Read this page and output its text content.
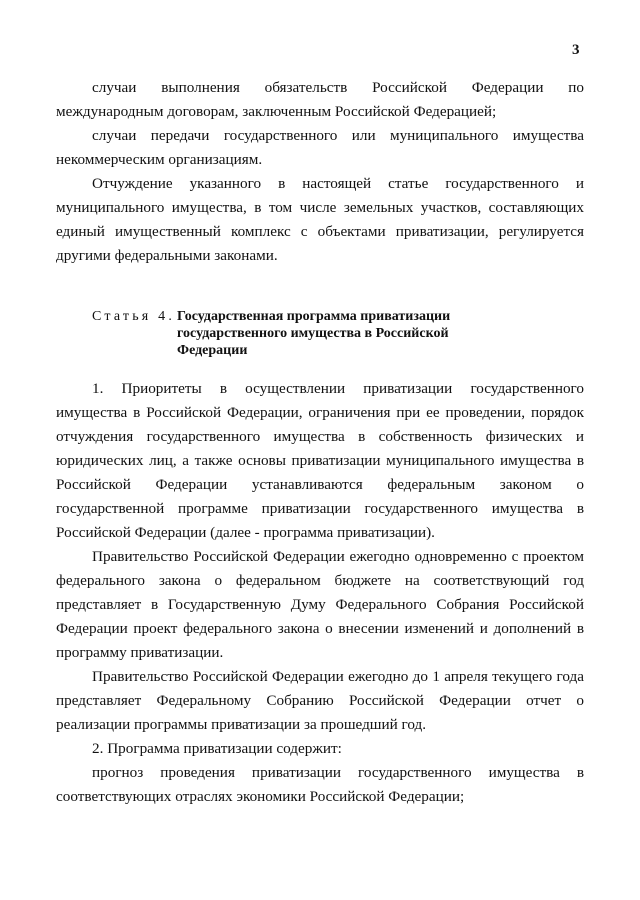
3

случаи выполнения обязательств Российской Федерации по международным договорам, заключенным Российской Федерацией;

случаи передачи государственного или муниципального имущества некоммерческим организациям.

Отчуждение указанного в настоящей статье государственного и муниципального имущества, в том числе земельных участков, составляющих единый имущественный комплекс с объектами приватизации, регулируется другими федеральными законами.

Статья 4. Государственная программа приватизации государственного имущества в Российской Федерации

1. Приоритеты в осуществлении приватизации государственного имущества в Российской Федерации, ограничения при ее проведении, порядок отчуждения государственного имущества в собственность физических и юридических лиц, а также основы приватизации муниципального имущества в Российской Федерации устанавливаются федеральным законом о государственной программе приватизации государственного имущества в Российской Федерации (далее - программа приватизации).

Правительство Российской Федерации ежегодно одновременно с проектом федерального закона о федеральном бюджете на соответствующий год представляет в Государственную Думу Федерального Собрания Российской Федерации проект федерального закона о внесении изменений и дополнений в программу приватизации.

Правительство Российской Федерации ежегодно до 1 апреля текущего года представляет Федеральному Собранию Российской Федерации отчет о реализации программы приватизации за прошедший год.

2. Программа приватизации содержит:

прогноз проведения приватизации государственного имущества в соответствующих отраслях экономики Российской Федерации;
